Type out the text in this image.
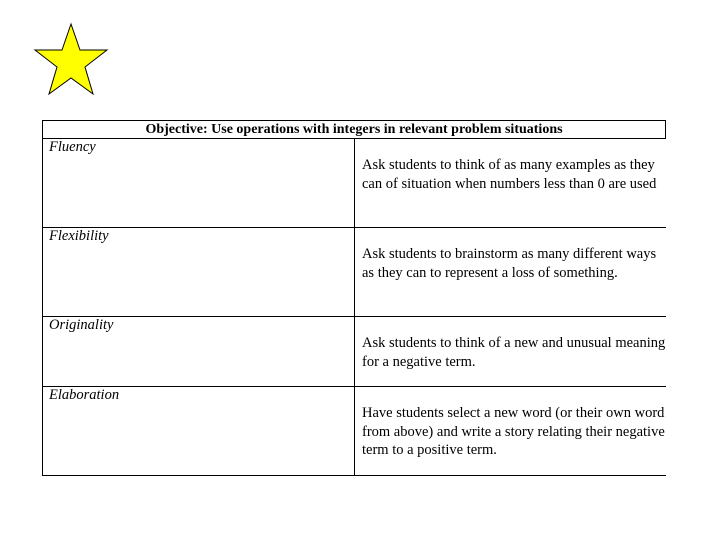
Objective: Use operations with integers in relevant problem situations	
Fluency	Ask students to think of as many examples as they can of situation when numbers less than 0 are used
Flexibility	Ask students to brainstorm as many different ways as they can to represent a loss of something.
Originality	Ask students to think of a new and unusual meaning for a negative term.
Elaboration	Have students select a new word (or their own word from above) and write a story relating their negative term to a positive term.
